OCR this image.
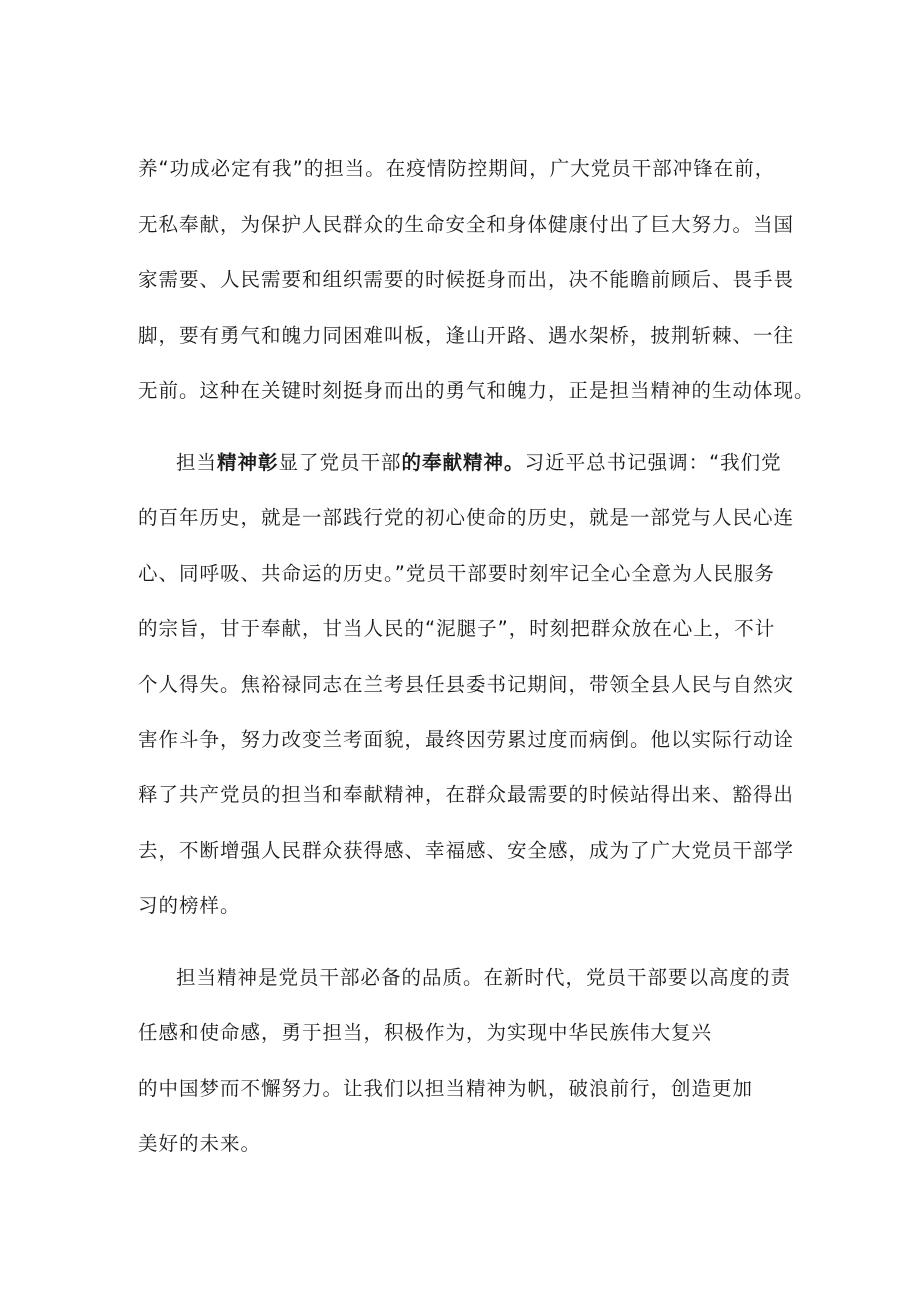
养“功成必定有我”的担当。在疫情防控期间，广大党员干部冲锋在前，
无私奉献，为保护人民群众的生命安全和身体健康付出了巨大努力。当国
家需要、人民需要和组织需要的时候挺身而出，决不能瞻前顾后、畏手畏
脚，要有勇气和魄力同困难叫板，逢山开路、遇水架桥，披荆斩棘、一往
无前。这种在关键时刻挺身而出的勇气和魄力，正是担当精神的生动体现。
担当精神彰显了党员干部的奉献精神。习近平总书记强调：“我们党
的百年历史，就是一部践行党的初心使命的历史，就是一部党与人民心连
心、同呼吸、共命运的历史。”党员干部要时刻牢记全心全意为人民服务
的宗旨，甘于奉献，甘当人民的“泥腿子”，时刻把群众放在心上，不计
个人得失。焦裕禄同志在兰考县任县委书记期间，带领全县人民与自然灾
害作斗争，努力改变兰考面貌，最终因劳累过度而病倒。他以实际行动诠
释了共产党员的担当和奉献精神，在群众最需要的时候站得出来、豁得出
去，不断增强人民群众获得感、幸福感、安全感，成为了广大党员干部学
习的榜样。
担当精神是党员干部必备的品质。在新时代，党员干部要以高度的责
任感和使命感，勇于担当，积极作为，为实现中华民族伟大复兴
的中国梦而不懈努力。让我们以担当精神为帆，破浪前行，创造更加
美好的未来。
